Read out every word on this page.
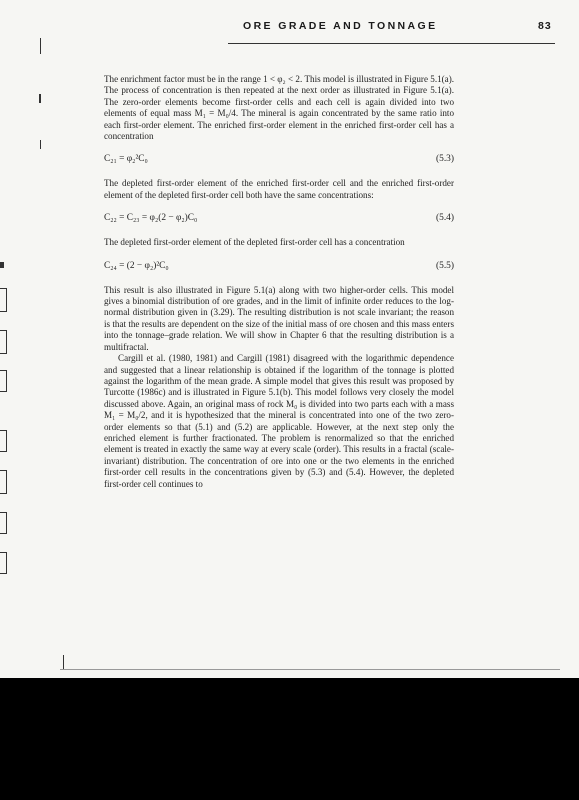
ORE GRADE AND TONNAGE	83

The enrichment factor must be in the range 1 < φ₂ < 2. This model is illustrated in Figure 5.1(a). The process of concentration is then repeated at the next order as illustrated in Figure 5.1(a). The zero-order elements become first-order cells and each cell is again divided into two elements of equal mass M₁ = M₀/4. The mineral is again concentrated by the same ratio into each first-order element. The enriched first-order element in the enriched first-order cell has a concentration

C₂₁ = φ₂²C₀	(5.3)

The depleted first-order element of the enriched first-order cell and the enriched first-order element of the depleted first-order cell both have the same concentrations:

C₂₂ = C₂₃ = φ₂(2 − φ₂)C₀	(5.4)

The depleted first-order element of the depleted first-order cell has a concentration

C₂₄ = (2 − φ₂)²C₀	(5.5)

This result is also illustrated in Figure 5.1(a) along with two higher-order cells. This model gives a binomial distribution of ore grades, and in the limit of infinite order reduces to the log-normal distribution given in (3.29). The resulting distribution is not scale invariant; the reason is that the results are dependent on the size of the initial mass of ore chosen and this mass enters into the tonnage–grade relation. We will show in Chapter 6 that the resulting distribution is a multifractal.

Cargill et al. (1980, 1981) and Cargill (1981) disagreed with the logarithmic dependence and suggested that a linear relationship is obtained if the logarithm of the tonnage is plotted against the logarithm of the mean grade. A simple model that gives this result was proposed by Turcotte (1986c) and is illustrated in Figure 5.1(b). This model follows very closely the model discussed above. Again, an original mass of rock M₀ is divided into two parts each with a mass M₁ = M₀/2, and it is hypothesized that the mineral is concentrated into one of the two zero-order elements so that (5.1) and (5.2) are applicable. However, at the next step only the enriched element is further fractionated. The problem is renormalized so that the enriched element is treated in exactly the same way at every scale (order). This results in a fractal (scale-invariant) distribution. The concentration of ore into one or the two elements in the enriched first-order cell results in the concentrations given by (5.3) and (5.4). However, the depleted first-order cell continues to
